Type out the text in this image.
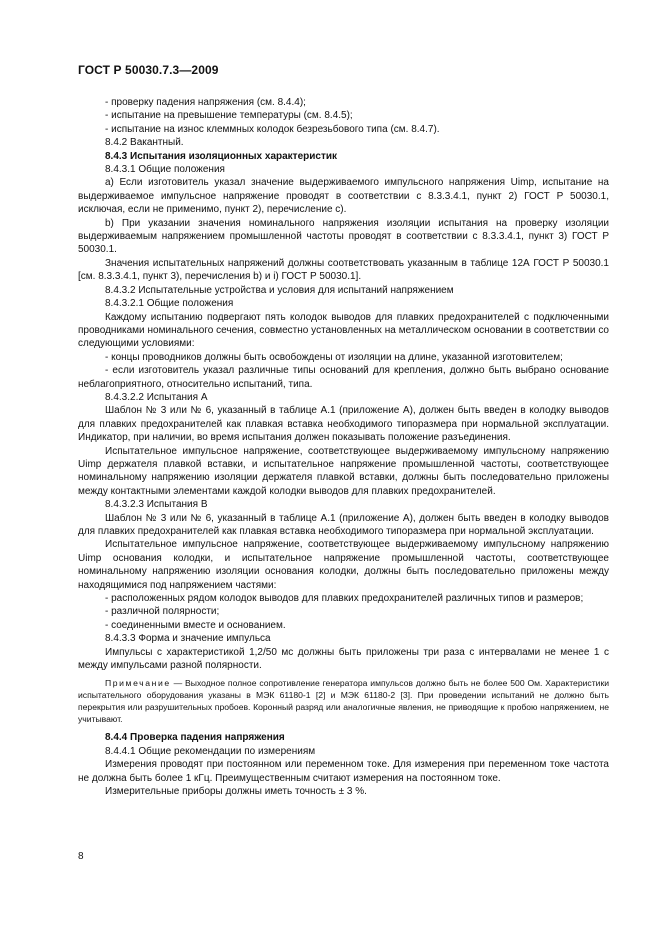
ГОСТ Р 50030.7.3—2009

- проверку падения напряжения (см. 8.4.4);

- испытание на превышение температуры (см. 8.4.5);

- испытание на износ клеммных колодок безрезьбового типа (см. 8.4.7).

8.4.2 Вакантный.

8.4.3 Испытания изоляционных характеристик

8.4.3.1 Общие положения

а) Если изготовитель указал значение выдерживаемого импульсного напряжения Uimp, испытание на выдерживаемое импульсное напряжение проводят в соответствии с 8.3.3.4.1, пункт 2) ГОСТ Р 50030.1, исключая, если не применимо, пункт 2), перечисление с).

b) При указании значения номинального напряжения изоляции испытания на проверку изоляции выдерживаемым напряжением промышленной частоты проводят в соответствии с 8.3.3.4.1, пункт 3) ГОСТ Р 50030.1.

Значения испытательных напряжений должны соответствовать указанным в таблице 12А ГОСТ Р 50030.1 [см. 8.3.3.4.1, пункт 3), перечисления b) и i) ГОСТ Р 50030.1].

8.4.3.2 Испытательные устройства и условия для испытаний напряжением

8.4.3.2.1 Общие положения

Каждому испытанию подвергают пять колодок выводов для плавких предохранителей с подключенными проводниками номинального сечения, совместно установленных на металлическом основании в соответствии со следующими условиями:

- концы проводников должны быть освобождены от изоляции на длине, указанной изготовителем;

- если изготовитель указал различные типы оснований для крепления, должно быть выбрано основание неблагоприятного, относительно испытаний, типа.

8.4.3.2.2 Испытания А

Шаблон № 3 или № 6, указанный в таблице А.1 (приложение А), должен быть введен в колодку выводов для плавких предохранителей как плавкая вставка необходимого типоразмера при нормальной эксплуатации. Индикатор, при наличии, во время испытания должен показывать положение разъединения.

Испытательное импульсное напряжение, соответствующее выдерживаемому импульсному напряжению Uimp держателя плавкой вставки, и испытательное напряжение промышленной частоты, соответствующее номинальному напряжению изоляции держателя плавкой вставки, должны быть последовательно приложены между контактными элементами каждой колодки выводов для плавких предохранителей.

8.4.3.2.3 Испытания В

Шаблон № 3 или № 6, указанный в таблице А.1 (приложение А), должен быть введен в колодку выводов для плавких предохранителей как плавкая вставка необходимого типоразмера при нормальной эксплуатации.

Испытательное импульсное напряжение, соответствующее выдерживаемому импульсному напряжению Uimp основания колодки, и испытательное напряжение промышленной частоты, соответствующее номинальному напряжению изоляции основания колодки, должны быть последовательно приложены между находящимися под напряжением частями:

- расположенных рядом колодок выводов для плавких предохранителей различных типов и размеров;

- различной полярности;

- соединенными вместе и основанием.

8.4.3.3 Форма и значение импульса

Импульсы с характеристикой 1,2/50 мс должны быть приложены три раза с интервалами не менее 1 с между импульсами разной полярности.

Примечание — Выходное полное сопротивление генератора импульсов должно быть не более 500 Ом. Характеристики испытательного оборудования указаны в МЭК 61180-1 [2] и МЭК 61180-2 [3]. При проведении испытаний не должно быть перекрытия или разрушительных пробоев. Коронный разряд или аналогичные явления, не приводящие к пробою напряжением, не учитывают.

8.4.4 Проверка падения напряжения

8.4.4.1 Общие рекомендации по измерениям

Измерения проводят при постоянном или переменном токе. Для измерения при переменном токе частота не должна быть более 1 кГц. Преимущественным считают измерения на постоянном токе.

Измерительные приборы должны иметь точность ± 3 %.

8
